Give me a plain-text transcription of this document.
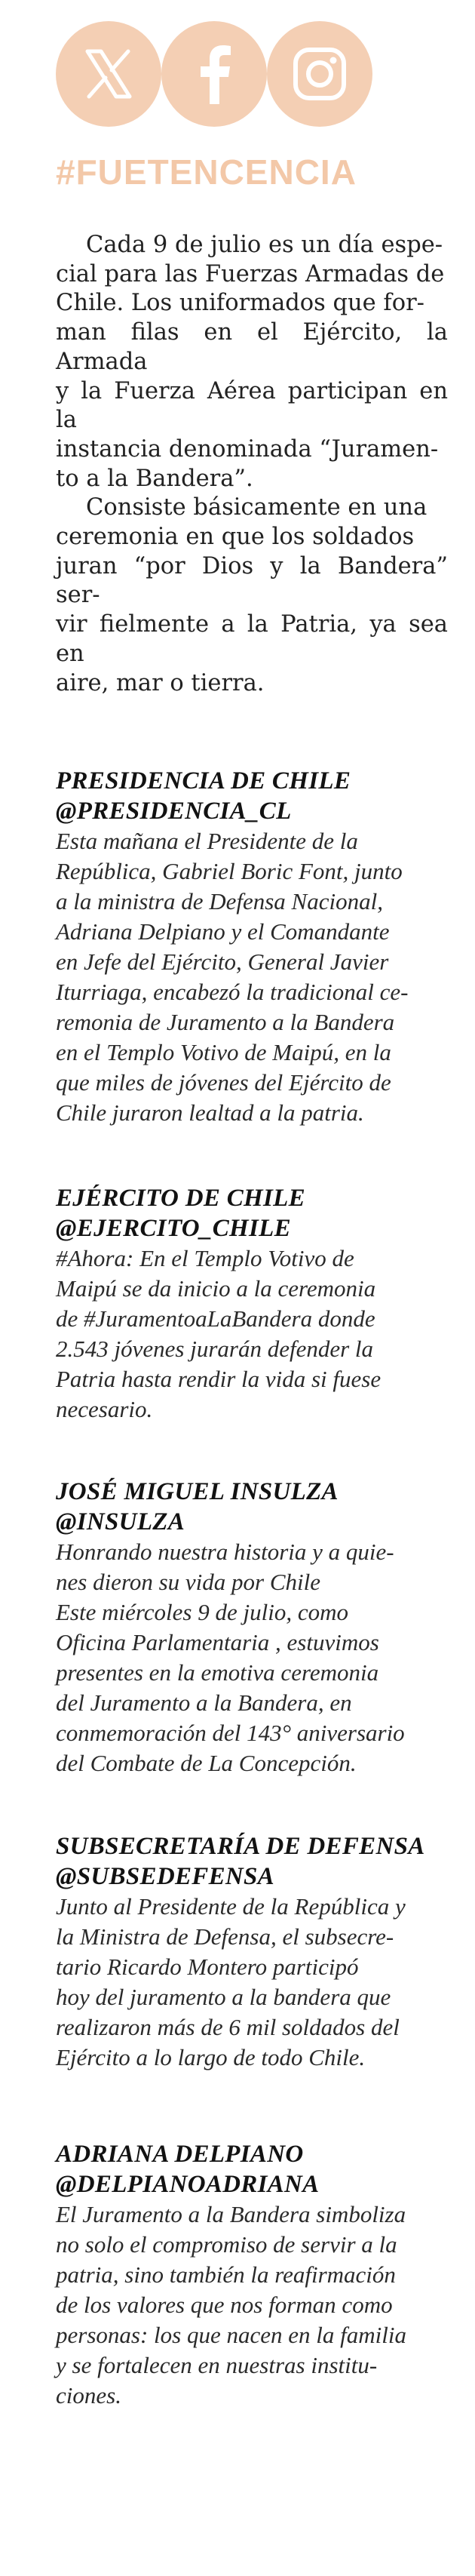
#FUETENCENCIA

Cada 9 de julio es un día espe-
cial para las Fuerzas Armadas de
Chile. Los uniformados que for-
man filas en el Ejército, la Armada
y la Fuerza Aérea participan en la
instancia denominada “Juramen-
to a la Bandera”.

Consiste básicamente en una
ceremonia en que los soldados
juran “por Dios y la Bandera” ser-
vir fielmente a la Patria, ya sea en
aire, mar o tierra.

PRESIDENCIA DE CHILE
@PRESIDENCIA_CL
Esta mañana el Presidente de la
República, Gabriel Boric Font, junto
a la ministra de Defensa Nacional,
Adriana Delpiano y el Comandante
en Jefe del Ejército, General Javier
Iturriaga, encabezó la tradicional ce-
remonia de Juramento a la Bandera
en el Templo Votivo de Maipú, en la
que miles de jóvenes del Ejército de
Chile juraron lealtad a la patria.
EJÉRCITO DE CHILE
@EJERCITO_CHILE
#Ahora: En el Templo Votivo de
Maipú se da inicio a la ceremonia
de #JuramentoaLaBandera donde
2.543 jóvenes jurarán defender la
Patria hasta rendir la vida si fuese
necesario.
JOSÉ MIGUEL INSULZA
@INSULZA
Honrando nuestra historia y a quie-
nes dieron su vida por Chile
Este miércoles 9 de julio, como
Oficina Parlamentaria , estuvimos
presentes en la emotiva ceremonia
del Juramento a la Bandera, en
conmemoración del 143° aniversario
del Combate de La Concepción.
SUBSECRETARÍA DE DEFENSA
@SUBSEDEFENSA
Junto al Presidente de la República y
la Ministra de Defensa, el subsecre-
tario Ricardo Montero participó
hoy del juramento a la bandera que
realizaron más de 6 mil soldados del
Ejército a lo largo de todo Chile.
ADRIANA DELPIANO
@DELPIANOADRIANA
El Juramento a la Bandera simboliza
no solo el compromiso de servir a la
patria, sino también la reafirmación
de los valores que nos forman como
personas: los que nacen en la familia
y se fortalecen en nuestras institu-
ciones.
